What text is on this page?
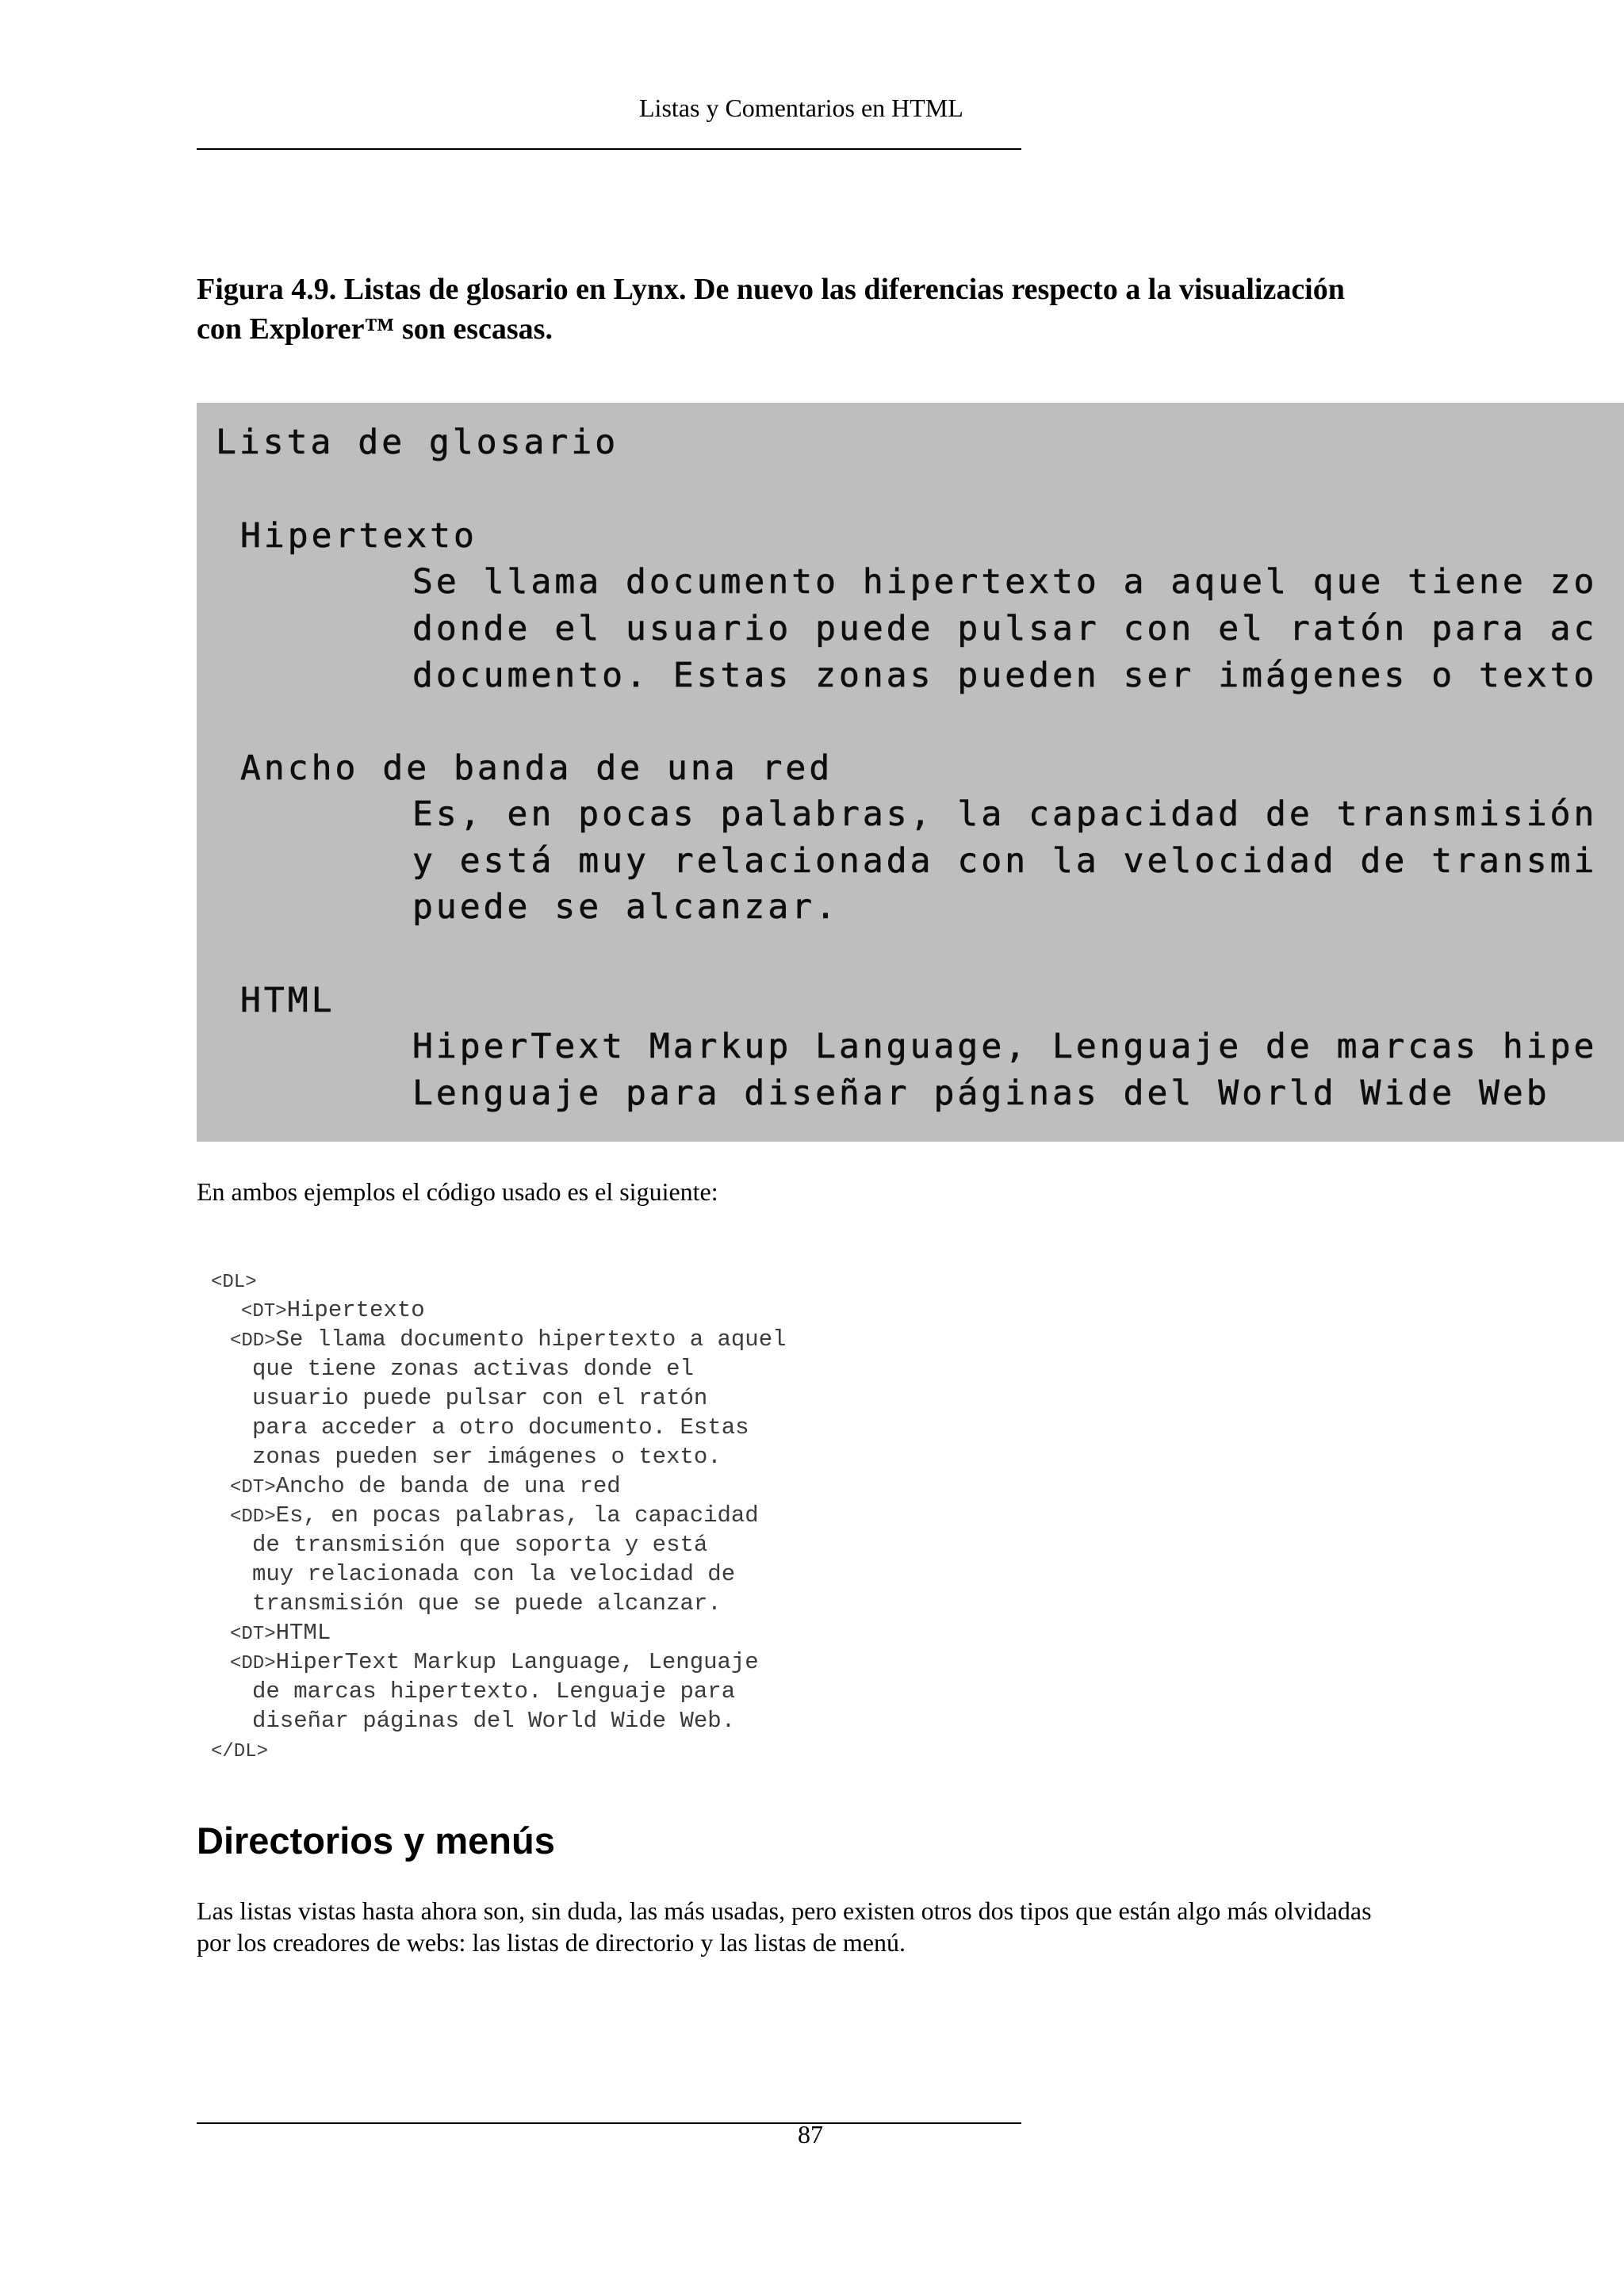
Listas y Comentarios en HTML
Figura 4.9. Listas de glosario en Lynx. De nuevo las diferencias respecto a la visualización
con Explorer™ son escasas.
Lista de glosario
Hipertexto
Se llama documento hipertexto a aquel que tiene zo
donde el usuario puede pulsar con el ratón para ac
documento. Estas zonas pueden ser imágenes o texto
Ancho de banda de una red
Es, en pocas palabras, la capacidad de transmisión
y está muy relacionada con la velocidad de transmi
puede se alcanzar.
HTML
HiperText Markup Language, Lenguaje de marcas hipe
Lenguaje para diseñar páginas del World Wide Web
En ambos ejemplos el código usado es el siguiente:
<DL>
<DT>Hipertexto
<DD>Se llama documento hipertexto a aquel
que tiene zonas activas donde el
usuario puede pulsar con el ratón
para acceder a otro documento. Estas
zonas pueden ser imágenes o texto.
<DT>Ancho de banda de una red
<DD>Es, en pocas palabras, la capacidad
de transmisión que soporta y está
muy relacionada con la velocidad de
transmisión que se puede alcanzar.
<DT>HTML
<DD>HiperText Markup Language, Lenguaje
de marcas hipertexto. Lenguaje para
diseñar páginas del World Wide Web.
</DL>
Directorios y menús
Las listas vistas hasta ahora son, sin duda, las más usadas, pero existen otros dos tipos que están algo más olvidadas
por los creadores de webs: las listas de directorio y las listas de menú.
87
